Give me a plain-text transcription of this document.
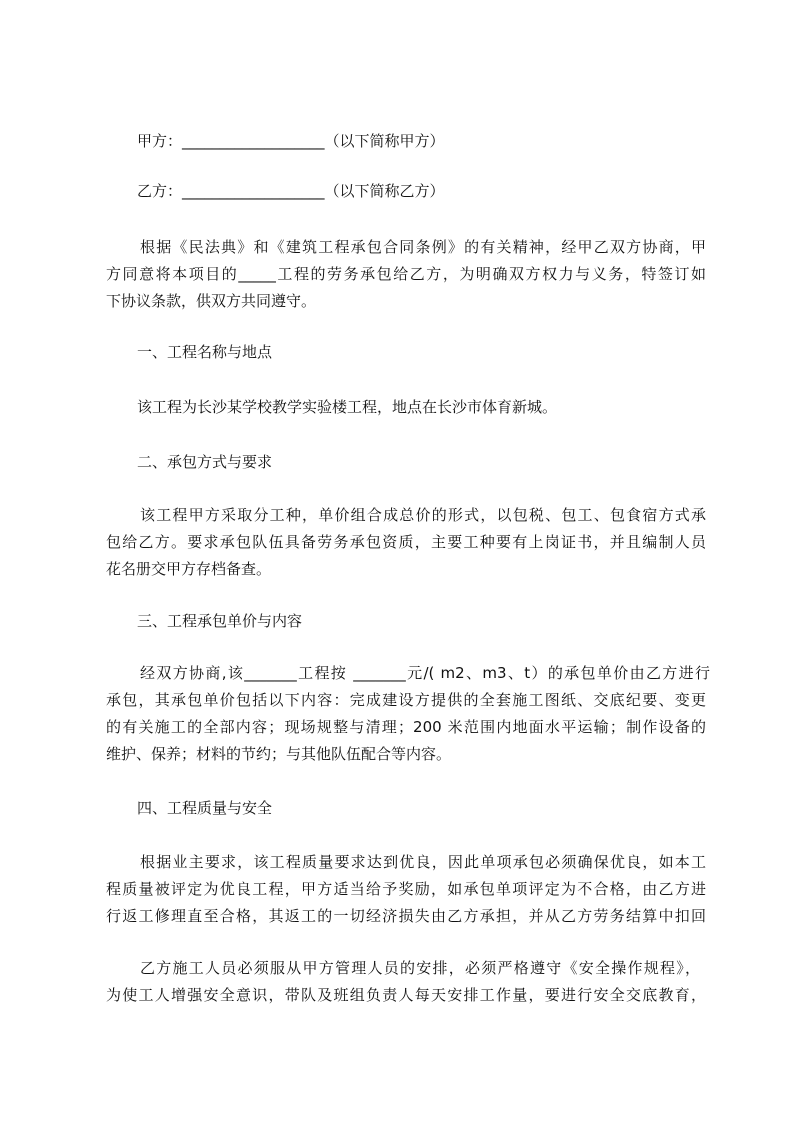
甲方：___________________（以下简称甲方）
乙方：___________________（以下简称乙方）
根据《民法典》和《建筑工程承包合同条例》的有关精神，经甲乙双方协商，甲
方同意将本项目的_____工程的劳务承包给乙方，为明确双方权力与义务，特签订如
下协议条款，供双方共同遵守。
一、工程名称与地点
该工程为长沙某学校教学实验楼工程，地点在长沙市体育新城。
二、承包方式与要求
该工程甲方采取分工种，单价组合成总价的形式，以包税、包工、包食宿方式承
包给乙方。要求承包队伍具备劳务承包资质，主要工种要有上岗证书，并且编制人员
花名册交甲方存档备查。
三、工程承包单价与内容
经双方协商,该_______工程按 _______元/( m2、m3、t）的承包单价由乙方进行
承包，其承包单价包括以下内容：完成建设方提供的全套施工图纸、交底纪要、变更
的有关施工的全部内容；现场规整与清理；200 米范围内地面水平运输；制作设备的
维护、保养；材料的节约；与其他队伍配合等内容。
四、工程质量与安全
根据业主要求，该工程质量要求达到优良，因此单项承包必须确保优良，如本工
程质量被评定为优良工程，甲方适当给予奖励，如承包单项评定为不合格，由乙方进
行返工修理直至合格，其返工的一切经济损失由乙方承担，并从乙方劳务结算中扣回
乙方施工人员必须服从甲方管理人员的安排，必须严格遵守《安全操作规程》，
为使工人增强安全意识，带队及班组负责人每天安排工作量，要进行安全交底教育，
